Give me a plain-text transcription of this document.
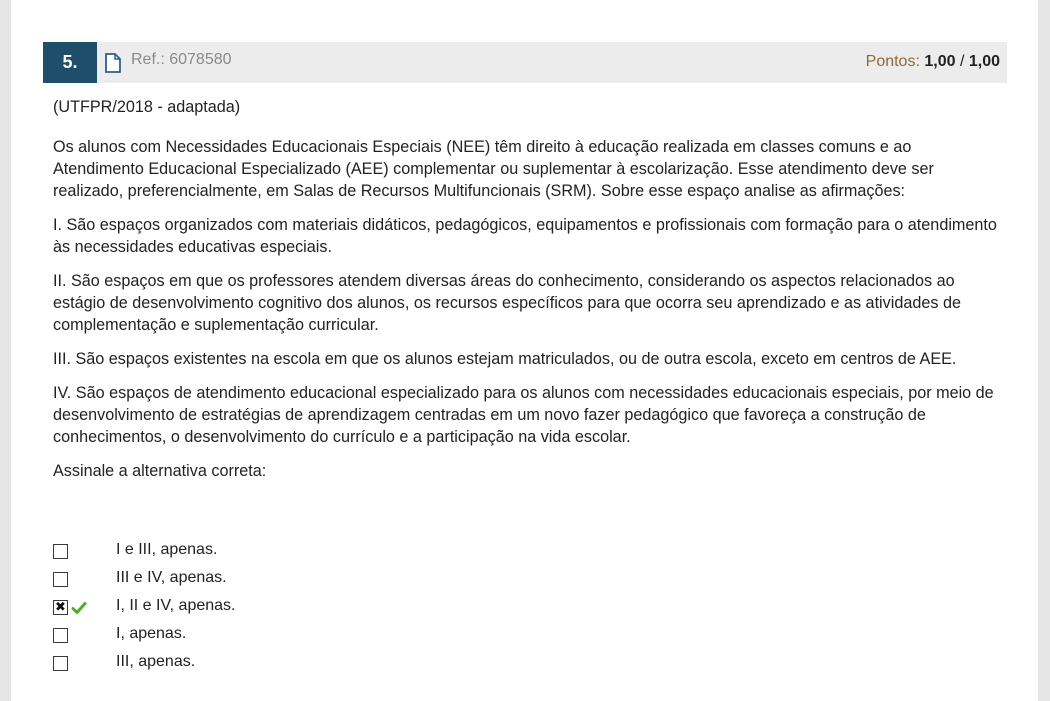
5.	Ref.: 6078580	Pontos: 1,00 / 1,00

(UTFPR/2018 - adaptada)

Os alunos com Necessidades Educacionais Especiais (NEE) têm direito à educação realizada em classes comuns e ao Atendimento Educacional Especializado (AEE) complementar ou suplementar à escolarização. Esse atendimento deve ser realizado, preferencialmente, em Salas de Recursos Multifuncionais (SRM). Sobre esse espaço analise as afirmações:

I. São espaços organizados com materiais didáticos, pedagógicos, equipamentos e profissionais com formação para o atendimento às necessidades educativas especiais.

II. São espaços em que os professores atendem diversas áreas do conhecimento, considerando os aspectos relacionados ao estágio de desenvolvimento cognitivo dos alunos, os recursos específicos para que ocorra seu aprendizado e as atividades de complementação e suplementação curricular.

III. São espaços existentes na escola em que os alunos estejam matriculados, ou de outra escola, exceto em centros de AEE.

IV. São espaços de atendimento educacional especializado para os alunos com necessidades educacionais especiais, por meio de desenvolvimento de estratégias de aprendizagem centradas em um novo fazer pedagógico que favoreça a construção de conhecimentos, o desenvolvimento do currículo e a participação na vida escolar.

Assinale a alternativa correta:

I e III, apenas.
III e IV, apenas.
✖	I, II e IV, apenas.
I, apenas.
III, apenas.
